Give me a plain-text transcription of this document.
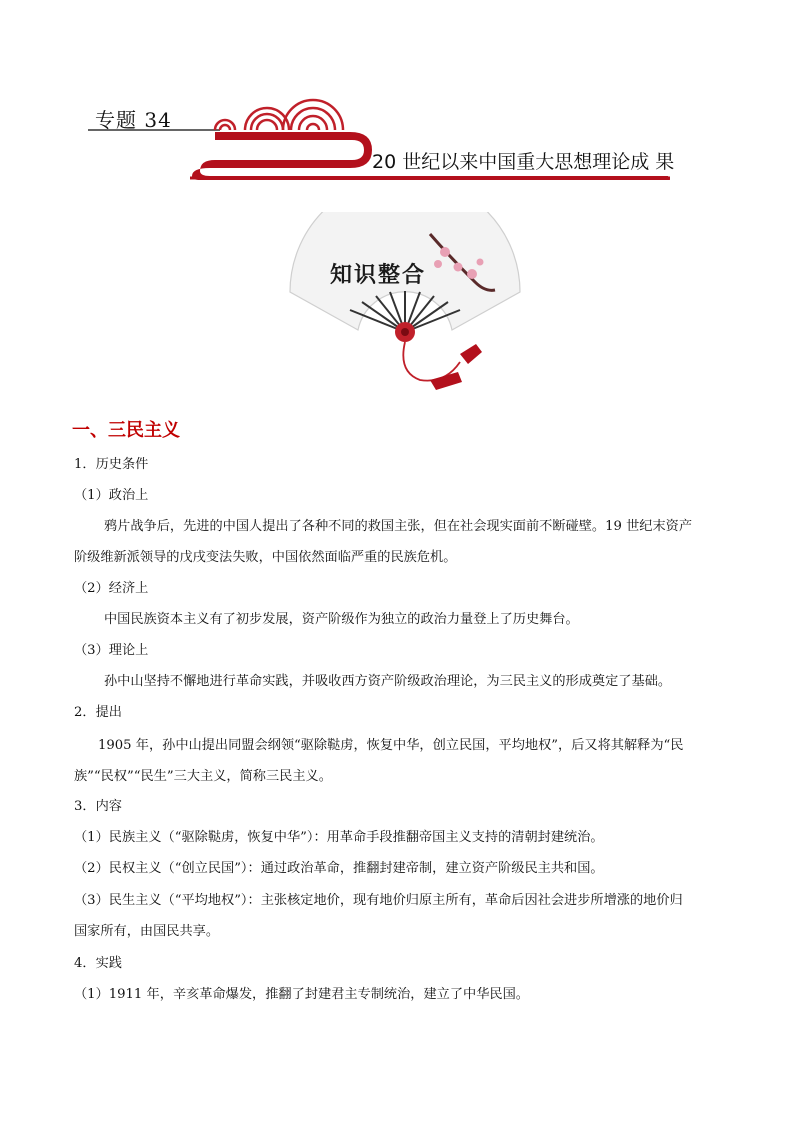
专题 34
20 世纪以来中国重大思想理论成 果
知识整合
一、三民主义
1．历史条件
（1）政治上
鸦片战争后，先进的中国人提出了各种不同的救国主张，但在社会现实面前不断碰壁。19 世纪末资产
阶级维新派领导的戊戌变法失败，中国依然面临严重的民族危机。
（2）经济上
中国民族资本主义有了初步发展，资产阶级作为独立的政治力量登上了历史舞台。
（3）理论上
孙中山坚持不懈地进行革命实践，并吸收西方资产阶级政治理论，为三民主义的形成奠定了基础。
2．提出
1905 年，孙中山提出同盟会纲领“驱除鞑虏，恢复中华，创立民国，平均地权”，后又将其解释为“民
族”“民权”“民生”三大主义，简称三民主义。
3．内容
（1）民族主义（“驱除鞑虏，恢复中华”）：用革命手段推翻帝国主义支持的清朝封建统治。
（2）民权主义（“创立民国”）：通过政治革命，推翻封建帝制，建立资产阶级民主共和国。
（3）民生主义（“平均地权”）：主张核定地价，现有地价归原主所有，革命后因社会进步所增涨的地价归
国家所有，由国民共享。
4．实践
（1）1911 年，辛亥革命爆发，推翻了封建君主专制统治，建立了中华民国。
